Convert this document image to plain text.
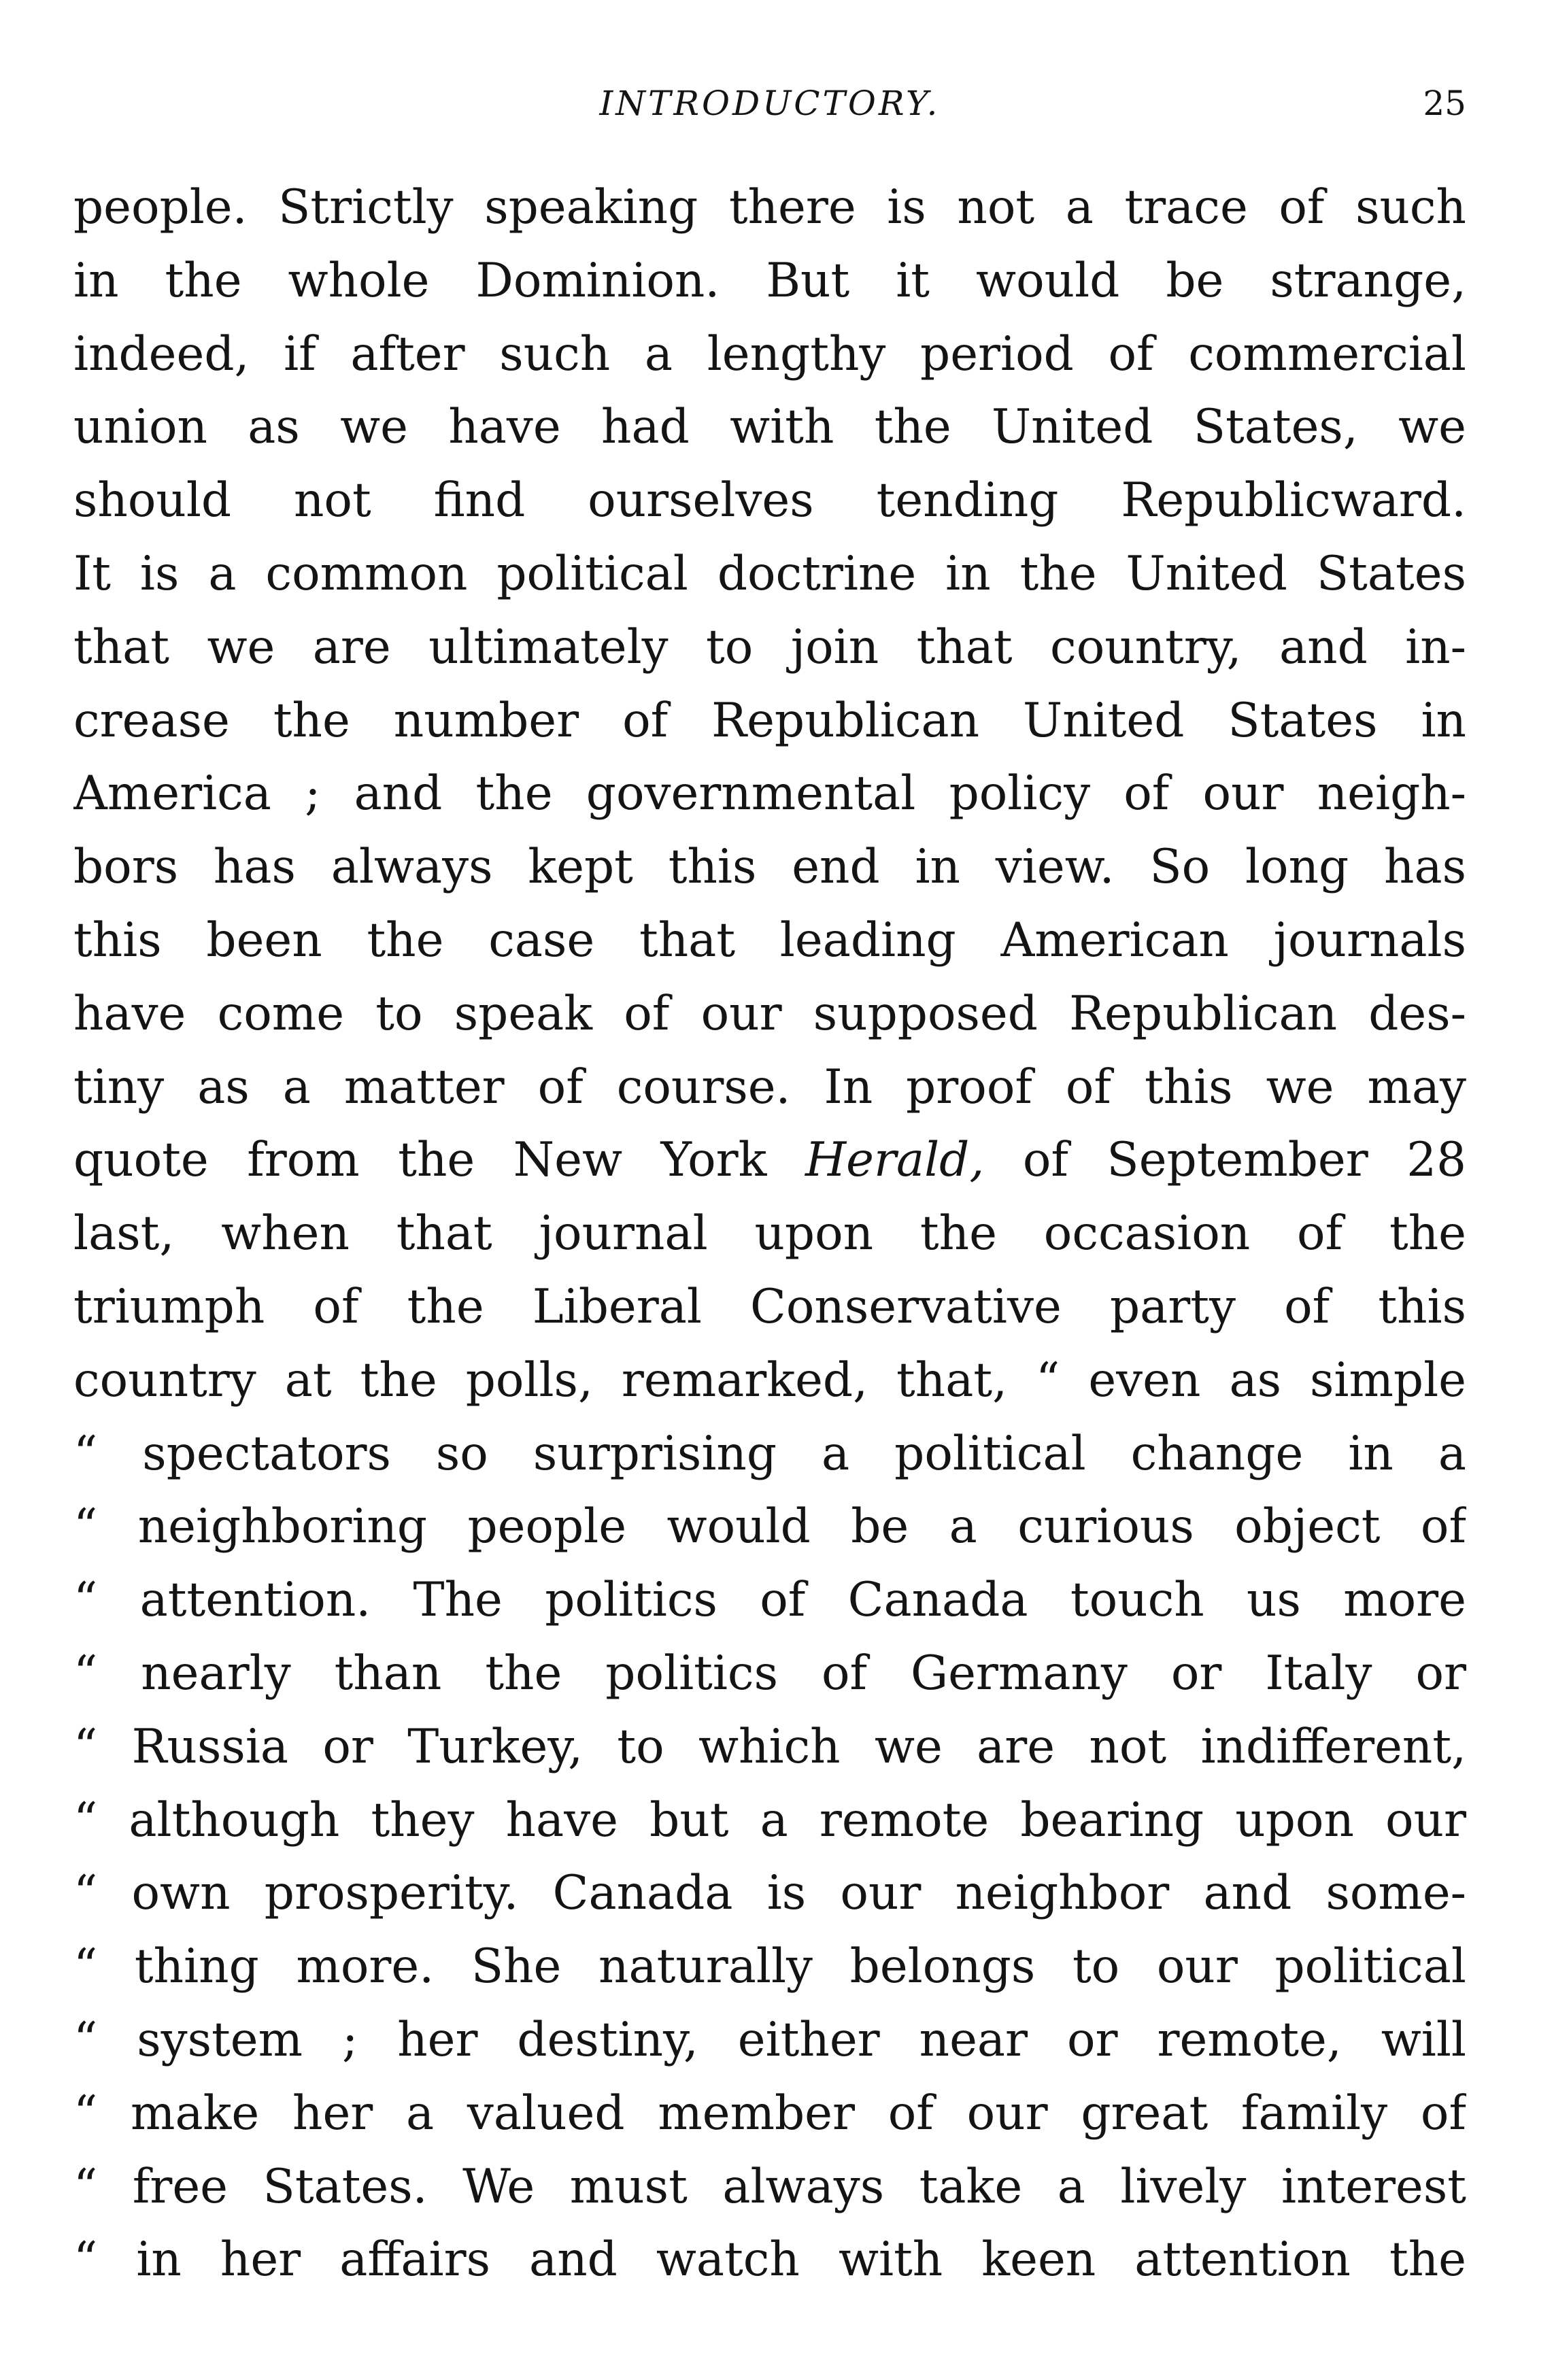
INTRODUCTORY.	25
people. Strictly speaking there is not a trace of such
in the whole Dominion. But it would be strange,
indeed, if after such a lengthy period of commercial
union as we have had with the United States, we
should not find ourselves tending Republicward.
It is a common political doctrine in the United States
that we are ultimately to join that country, and in-
crease the number of Republican United States in
America ; and the governmental policy of our neigh-
bors has always kept this end in view. So long has
this been the case that leading American journals
have come to speak of our supposed Republican des-
tiny as a matter of course. In proof of this we may
quote from the New York Herald, of September 28
last, when that journal upon the occasion of the
triumph of the Liberal Conservative party of this
country at the polls, remarked, that, “ even as simple
“ spectators so surprising a political change in a
“ neighboring people would be a curious object of
“ attention. The politics of Canada touch us more
“ nearly than the politics of Germany or Italy or
“ Russia or Turkey, to which we are not indifferent,
“ although they have but a remote bearing upon our
“ own prosperity. Canada is our neighbor and some-
“ thing more. She naturally belongs to our political
“ system ; her destiny, either near or remote, will
“ make her a valued member of our great family of
“ free States. We must always take a lively interest
“ in her affairs and watch with keen attention the
